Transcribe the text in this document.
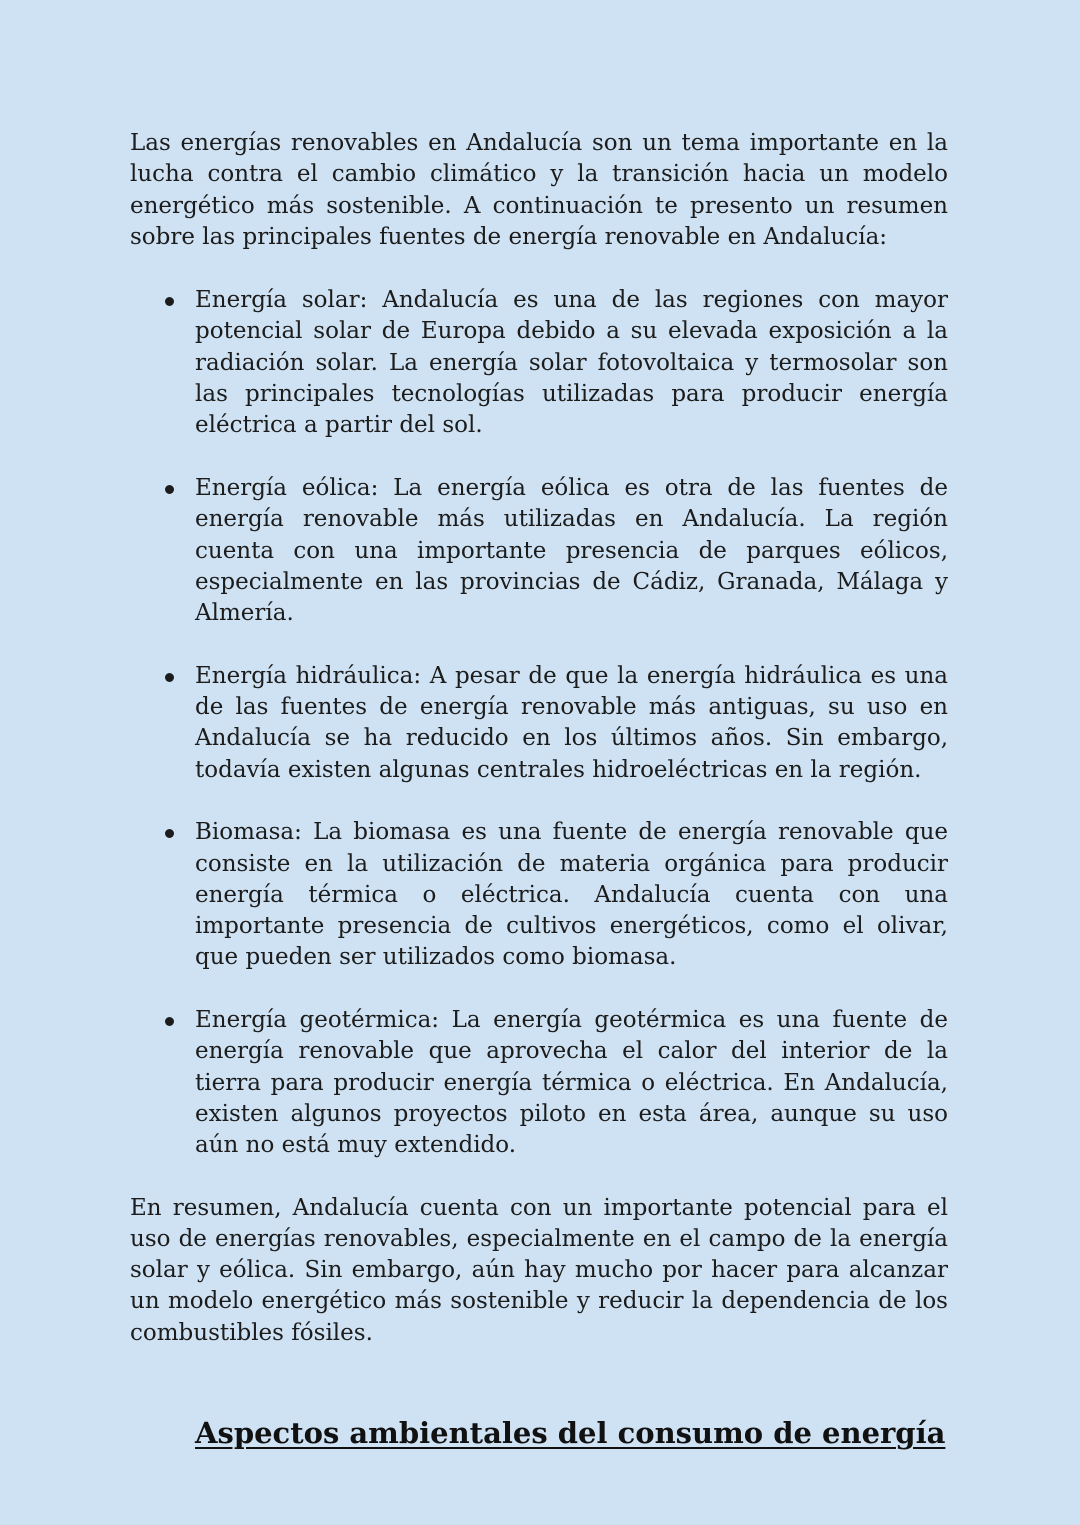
Las energías renovables en Andalucía son un tema importante en la lucha contra el cambio climático y la transición hacia un modelo energético más sostenible. A continuación te presento un resumen sobre las principales fuentes de energía renovable en Andalucía:

Energía solar: Andalucía es una de las regiones con mayor potencial solar de Europa debido a su elevada exposición a la radiación solar. La energía solar fotovoltaica y termosolar son las principales tecnologías utilizadas para producir energía eléctrica a partir del sol.
Energía eólica: La energía eólica es otra de las fuentes de energía renovable más utilizadas en Andalucía. La región cuenta con una importante presencia de parques eólicos, especialmente en las provincias de Cádiz, Granada, Málaga y Almería.
Energía hidráulica: A pesar de que la energía hidráulica es una de las fuentes de energía renovable más antiguas, su uso en Andalucía se ha reducido en los últimos años. Sin embargo, todavía existen algunas centrales hidroeléctricas en la región.
Biomasa: La biomasa es una fuente de energía renovable que consiste en la utilización de materia orgánica para producir energía térmica o eléctrica. Andalucía cuenta con una importante presencia de cultivos energéticos, como el olivar, que pueden ser utilizados como biomasa.
Energía geotérmica: La energía geotérmica es una fuente de energía renovable que aprovecha el calor del interior de la tierra para producir energía térmica o eléctrica. En Andalucía, existen algunos proyectos piloto en esta área, aunque su uso aún no está muy extendido.

En resumen, Andalucía cuenta con un importante potencial para el uso de energías renovables, especialmente en el campo de la energía solar y eólica. Sin embargo, aún hay mucho por hacer para alcanzar un modelo energético más sostenible y reducir la dependencia de los combustibles fósiles.

Aspectos ambientales del consumo de energía
